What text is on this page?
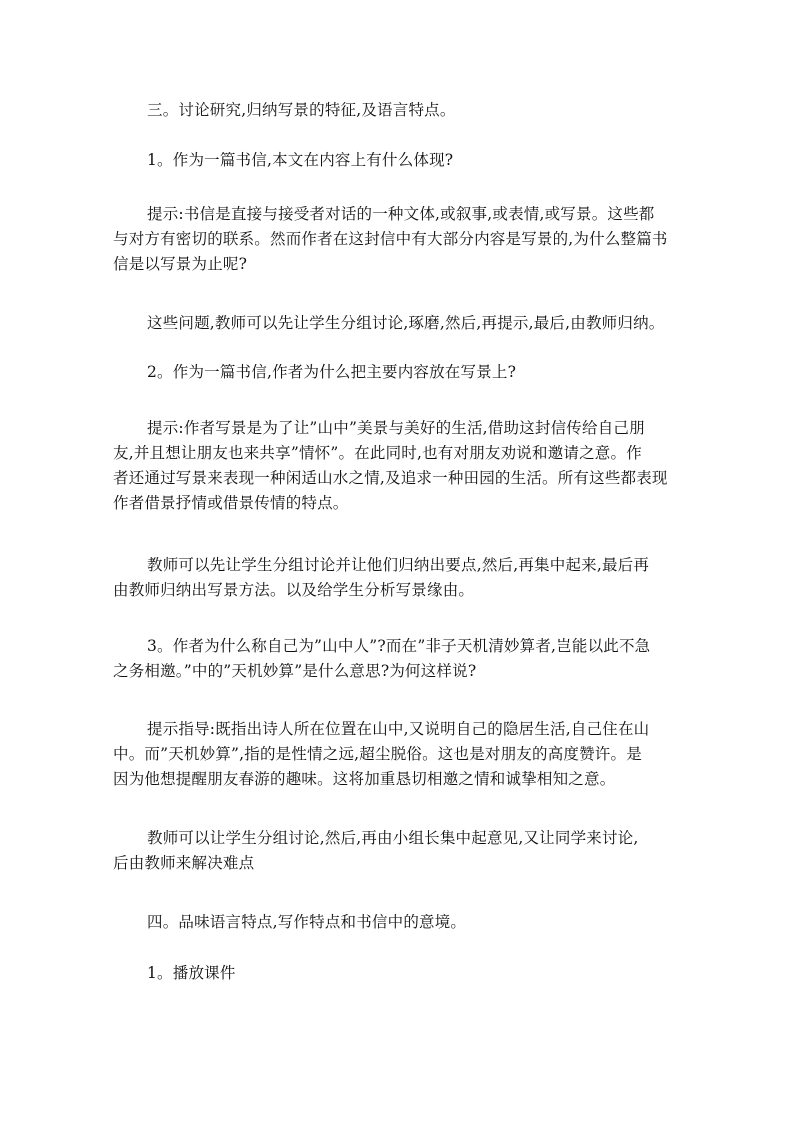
三。讨论研究,归纳写景的特征,及语言特点。
1。作为一篇书信,本文在内容上有什么体现?
提示:书信是直接与接受者对话的一种文体,或叙事,或表情,或写景。这些都
与对方有密切的联系。然而作者在这封信中有大部分内容是写景的,为什么整篇书
信是以写景为止呢?
这些问题,教师可以先让学生分组讨论,琢磨,然后,再提示,最后,由教师归纳。
2。作为一篇书信,作者为什么把主要内容放在写景上?
提示:作者写景是为了让”山中”美景与美好的生活,借助这封信传给自己朋
友,并且想让朋友也来共享”情怀”。在此同时,也有对朋友劝说和邀请之意。作
者还通过写景来表现一种闲适山水之情,及追求一种田园的生活。所有这些都表现
作者借景抒情或借景传情的特点。
教师可以先让学生分组讨论并让他们归纳出要点,然后,再集中起来,最后再
由教师归纳出写景方法。以及给学生分析写景缘由。
3。作者为什么称自己为”山中人”?而在”非子天机清妙算者,岂能以此不急
之务相邀。”中的”天机妙算”是什么意思?为何这样说?
提示指导:既指出诗人所在位置在山中,又说明自己的隐居生活,自己住在山
中。而”天机妙算”,指的是性情之远,超尘脱俗。这也是对朋友的高度赞许。是
因为他想提醒朋友春游的趣味。这将加重恳切相邀之情和诚挚相知之意。
教师可以让学生分组讨论,然后,再由小组长集中起意见,又让同学来讨论,
后由教师来解决难点
四。品味语言特点,写作特点和书信中的意境。
1。播放课件
